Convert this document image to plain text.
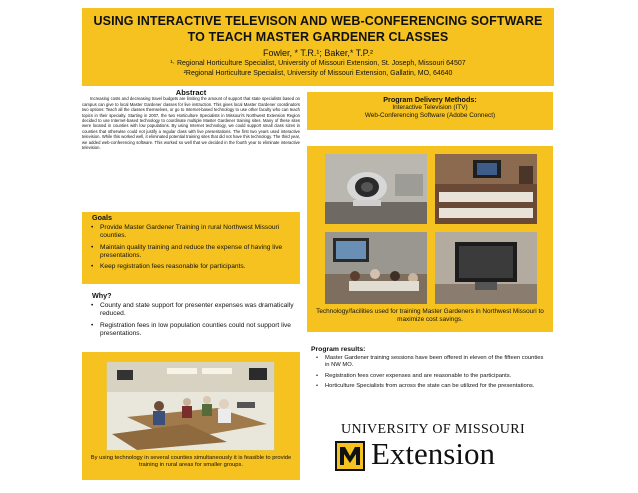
USING INTERACTIVE TELEVISON AND WEB-CONFERENCING SOFTWARE
TO TEACH MASTER GARDENER CLASSES
Fowler, * T.R.¹; Baker,* T.P.²
¹· Regional Horticulture Specialist, University of Missouri Extension, St. Joseph, Missouri 64507
²Regional Horticulture Specialist, University of Missouri Extension, Gallatin, MO, 64640
Abstract

Increasing costs and decreasing travel budgets are limiting the amount of support that state specialists based on campus can give to local Master Gardener classes for live instruction. This gives local Master Gardener coordinators two options: Teach all the classes themselves, or go to Internet-based technology to use other faculty who can teach topics in their specialty. Starting in 2007, the two Horticulture Specialists in Missouri's Northwest Extension Region decided to use Internet-based technology to coordinate multiple Master Gardener training sites. Many of these sites were located in counties with low populations. By using Internet technology, we could support small class sizes in counties that otherwise could not justify a regular class with live presentations. The first two years used interactive television. While this worked well, it eliminated potential training sites that did not have this technology. The third year, we added web-conferencing software. This worked so well that we decided in the fourth year to eliminate interactive television.

Goals
• Provide Master Gardener Training in rural Northwest Missouri counties.
• Maintain quality training and reduce the expense of having live presentations.
• Keep registration fees reasonable for participants.
Why?
• County and state support for presenter expenses was dramatically reduced.
• Registration fees in low population counties could not support live presentations.
By using technology in several counties simultaneously it is feasible to provide training in rural areas for smaller groups.
Program Delivery Methods:
Interactive Television (ITV)
Web-Conferencing Software (Adobe Connect)
Technology/facilities used for training Master Gardeners in Northwest Missouri to maximize cost savings.
Program results:
• Master Gardener training sessions have been offered in eleven of the fifteen counties in NW MO.
• Registration fees cover expenses and are reasonable to the participants.
• Horticulture Specialists from across the state can be utilized for the presentations.
UNIVERSITY OF MISSOURI
Extension
